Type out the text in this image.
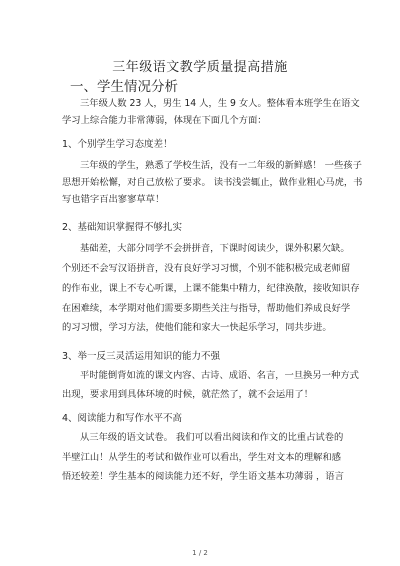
三年级语文教学质量提高措施
一、学生情况分析
三年级人数 23 人，男生 14 人，生 9 女人。整体看本班学生在语文
学习上综合能力非常薄弱，体现在下面几个方面：
1、个别学生学习态度差！
三年级的学生，熟悉了学校生活，没有一二年级的新鲜感！ 一些孩子
思想开始松懈，对自己放松了要求。 读书浅尝辄止，做作业粗心马虎，书
写也错字百出寥寥草草！
2、基础知识掌握得不够扎实
基础差，大部分同学不会拼拼音，下课时阅读少，课外积累欠缺。
个别还不会写汉语拼音，没有良好学习习惯，个别不能积极完成老师留
的作布业，课上不专心听课，上课不能集中精力，纪律涣散，接收知识存
在困难续，本学期对他们需要多期些关注与指导，帮助他们养成良好学
的习习惯，学习方法，使他们能和家大一快起乐学习，同共步进。
3、举一反三灵活运用知识的能力不强
平时能倒背如流的课文内容、古诗、成语、名言，一旦换另一种方式
出现，要求用到具体环境的时候，就茫然了，就不会运用了！
4、阅读能力和写作水平不高
从三年级的语文试卷。 我们可以看出阅读和作文的比重占试卷的
半壁江山！从学生的考试和做作业可以看出，学生对文本的理解和感
悟还较差！学生基本的阅读能力还不好，学生语文基本功薄弱 ，语言
1 / 2
